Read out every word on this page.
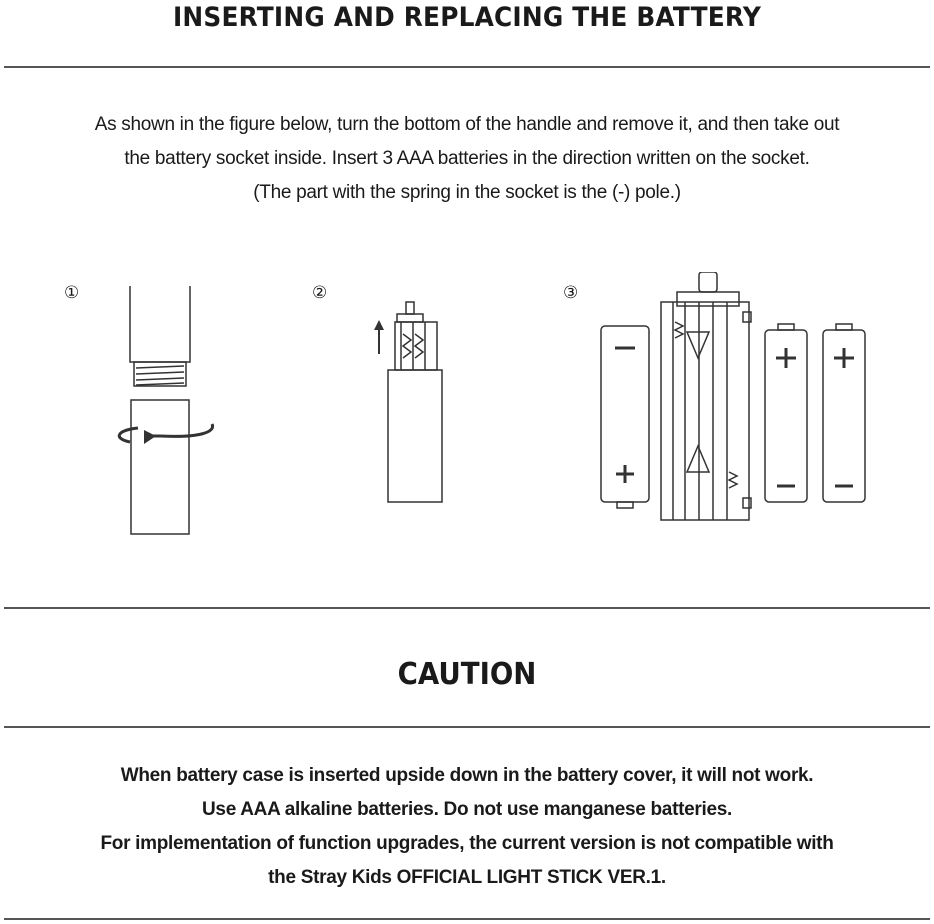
INSERTING AND REPLACING THE BATTERY
As shown in the figure below, turn the bottom of the handle and remove it, and then take out
the battery socket inside. Insert 3 AAA batteries in the direction written on the socket.
(The part with the spring in the socket is the (-) pole.)
①	②	③
CAUTION
When battery case is inserted upside down in the battery cover, it will not work.
Use AAA alkaline batteries. Do not use manganese batteries.
For implementation of function upgrades, the current version is not compatible with
the Stray Kids OFFICIAL LIGHT STICK VER.1.
